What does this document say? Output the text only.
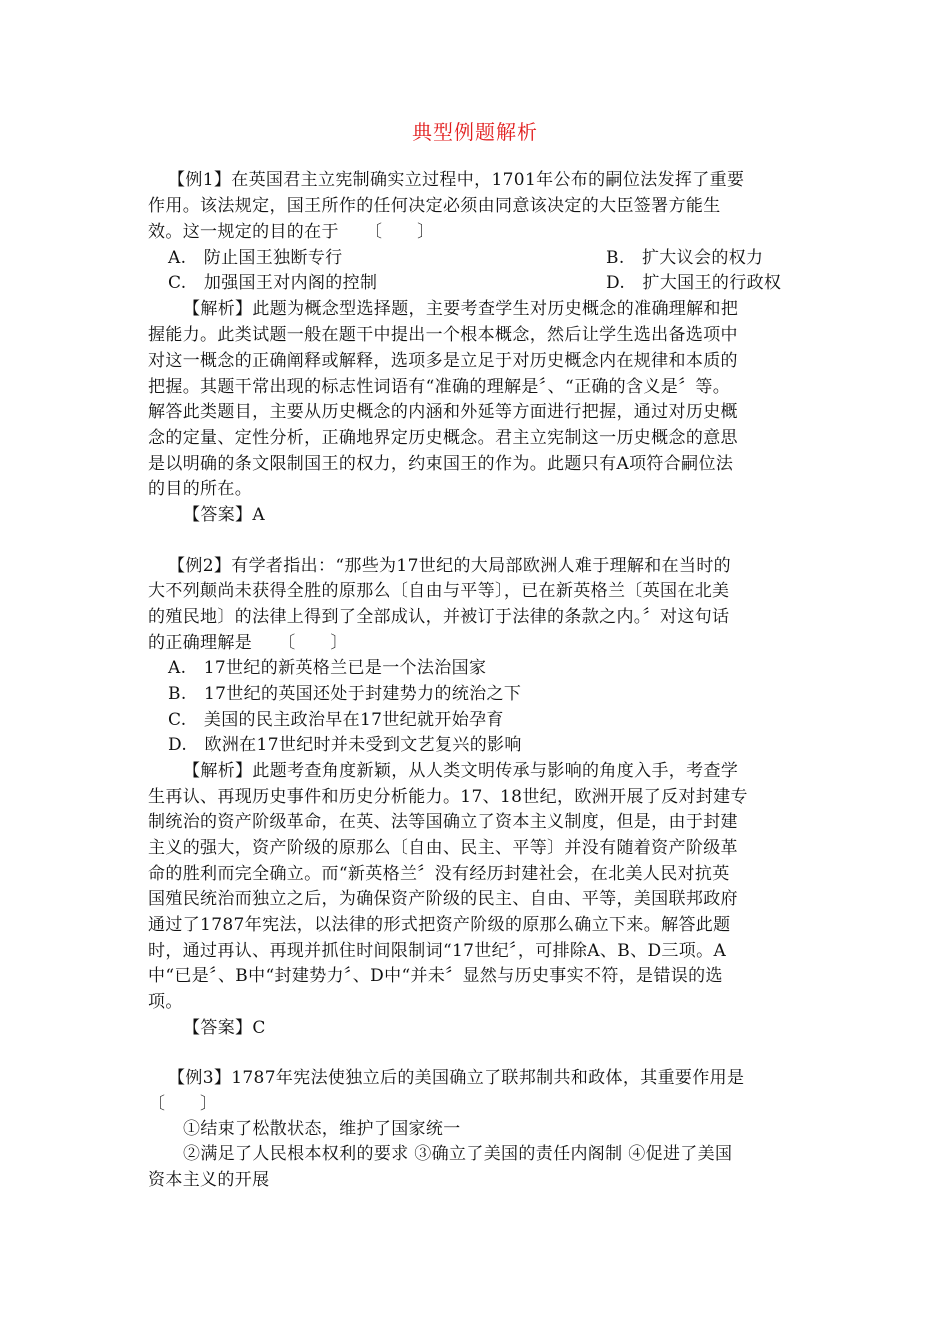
典型例题解析
【例1】在英国君主立宪制确实立过程中，1701年公布的嗣位法发挥了重要
作用。该法规定，国王所作的任何决定必须由同意该决定的大臣签署方能生
效。这一规定的目的在于　　〔　　〕
A.　防止国王独断专行	B.　扩大议会的权力
C.　加强国王对内阁的控制	D.　扩大国王的行政权
【解析】此题为概念型选择题，主要考查学生对历史概念的准确理解和把
握能力。此类试题一般在题干中提出一个根本概念，然后让学生选出备选项中
对这一概念的正确阐释或解释，选项多是立足于对历史概念内在规律和本质的
把握。其题干常出现的标志性词语有“准确的理解是〞、“正确的含义是〞等。
解答此类题目，主要从历史概念的内涵和外延等方面进行把握，通过对历史概
念的定量、定性分析，正确地界定历史概念。君主立宪制这一历史概念的意思
是以明确的条文限制国王的权力，约束国王的作为。此题只有A项符合嗣位法
的目的所在。
【答案】A
【例2】有学者指出：“那些为17世纪的大局部欧洲人难于理解和在当时的
大不列颠尚未获得全胜的原那么〔自由与平等〕，已在新英格兰〔英国在北美
的殖民地〕的法律上得到了全部成认，并被订于法律的条款之内。〞对这句话
的正确理解是　　〔　　〕
A.　17世纪的新英格兰已是一个法治国家
B.　17世纪的英国还处于封建势力的统治之下
C.　美国的民主政治早在17世纪就开始孕育
D.　欧洲在17世纪时并未受到文艺复兴的影响
【解析】此题考查角度新颖，从人类文明传承与影响的角度入手，考查学
生再认、再现历史事件和历史分析能力。17、18世纪，欧洲开展了反对封建专
制统治的资产阶级革命，在英、法等国确立了资本主义制度，但是，由于封建
主义的强大，资产阶级的原那么〔自由、民主、平等〕并没有随着资产阶级革
命的胜利而完全确立。而“新英格兰〞没有经历封建社会，在北美人民对抗英
国殖民统治而独立之后，为确保资产阶级的民主、自由、平等，美国联邦政府
通过了1787年宪法，以法律的形式把资产阶级的原那么确立下来。解答此题
时，通过再认、再现并抓住时间限制词“17世纪〞，可排除A、B、D三项。A
中“已是〞、B中“封建势力〞、D中“并未〞显然与历史事实不符，是错误的选
项。
【答案】C
【例3】1787年宪法使独立后的美国确立了联邦制共和政体，其重要作用是
〔　　〕
①结束了松散状态，维护了国家统一
②满足了人民根本权利的要求 ③确立了美国的责任内阁制 ④促进了美国
资本主义的开展
